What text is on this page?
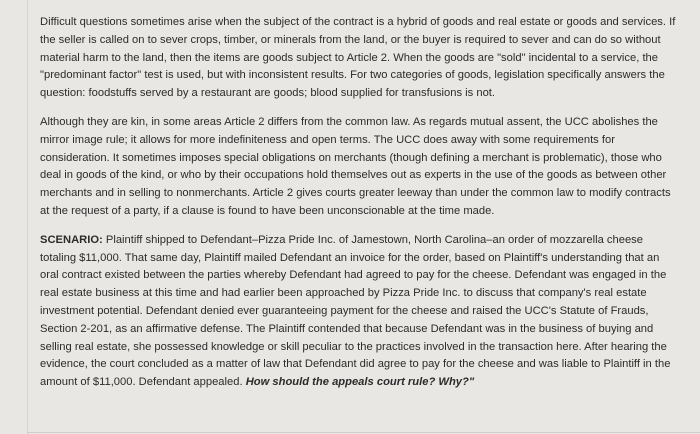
Difficult questions sometimes arise when the subject of the contract is a hybrid of goods and real estate or goods and services. If the seller is called on to sever crops, timber, or minerals from the land, or the buyer is required to sever and can do so without material harm to the land, then the items are goods subject to Article 2. When the goods are "sold" incidental to a service, the "predominant factor" test is used, but with inconsistent results. For two categories of goods, legislation specifically answers the question: foodstuffs served by a restaurant are goods; blood supplied for transfusions is not.

Although they are kin, in some areas Article 2 differs from the common law. As regards mutual assent, the UCC abolishes the mirror image rule; it allows for more indefiniteness and open terms. The UCC does away with some requirements for consideration. It sometimes imposes special obligations on merchants (though defining a merchant is problematic), those who deal in goods of the kind, or who by their occupations hold themselves out as experts in the use of the goods as between other merchants and in selling to nonmerchants. Article 2 gives courts greater leeway than under the common law to modify contracts at the request of a party, if a clause is found to have been unconscionable at the time made.

SCENARIO: Plaintiff shipped to Defendant–Pizza Pride Inc. of Jamestown, North Carolina–an order of mozzarella cheese totaling $11,000. That same day, Plaintiff mailed Defendant an invoice for the order, based on Plaintiff's understanding that an oral contract existed between the parties whereby Defendant had agreed to pay for the cheese. Defendant was engaged in the real estate business at this time and had earlier been approached by Pizza Pride Inc. to discuss that company's real estate investment potential. Defendant denied ever guaranteeing payment for the cheese and raised the UCC's Statute of Frauds, Section 2-201, as an affirmative defense. The Plaintiff contended that because Defendant was in the business of buying and selling real estate, she possessed knowledge or skill peculiar to the practices involved in the transaction here. After hearing the evidence, the court concluded as a matter of law that Defendant did agree to pay for the cheese and was liable to Plaintiff in the amount of $11,000. Defendant appealed. How should the appeals court rule? Why?"
